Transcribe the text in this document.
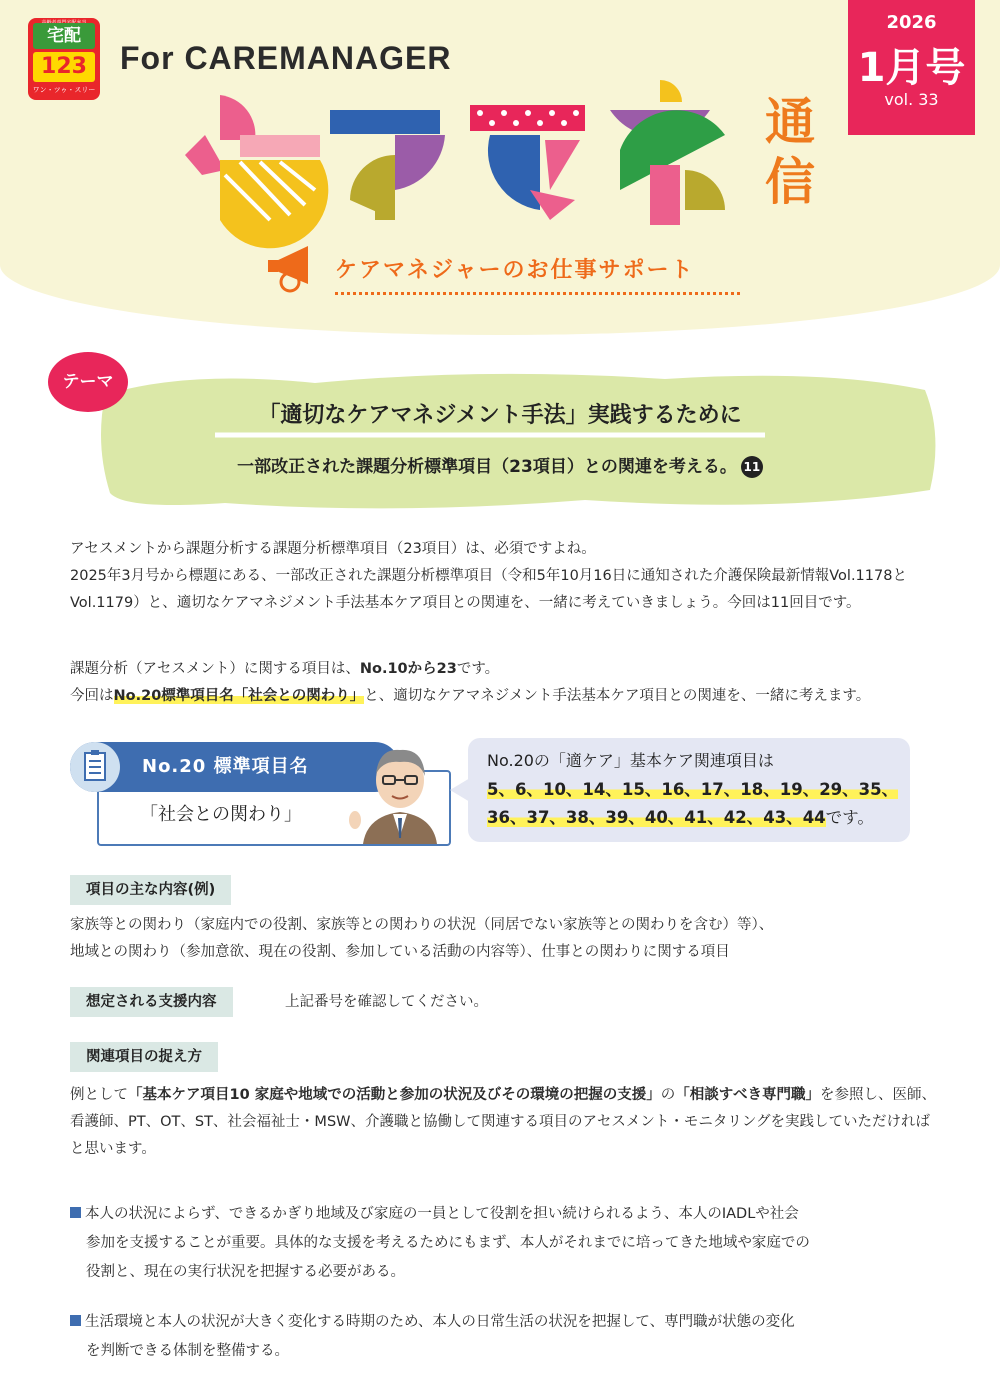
宅配
123
ワン・ツゥ・スリー
For CAREMANAGER
通
信
2026
1月号
vol. 33
ケアマネジャーのお仕事サポート
テーマ
「適切なケアマネジメント手法」実践するために
一部改正された課題分析標準項目（23項目）との関連を考える。 11
アセスメントから課題分析する課題分析標準項目（23項目）は、必須ですよね。
2025年3月号から標題にある、一部改正された課題分析標準項目（令和5年10月16日に通知された介護保険最新情報Vol.1178とVol.1179）と、適切なケアマネジメント手法基本ケア項目との関連を、一緒に考えていきましょう。今回は11回目です。
課題分析（アセスメント）に関する項目は、No.10から23です。
今回はNo.20標準項目名「社会との関わり」と、適切なケアマネジメント手法基本ケア項目との関連を、一緒に考えます。
No.20 標準項目名
「社会との関わり」
No.20の「適ケア」基本ケア関連項目は
5、6、10、14、15、16、17、18、19、29、35、
36、37、38、39、40、41、42、43、44です。
項目の主な内容(例)
家族等との関わり（家庭内での役割、家族等との関わりの状況（同居でない家族等との関わりを含む）等）、
地域との関わり（参加意欲、現在の役割、参加している活動の内容等）、仕事との関わりに関する項目
想定される支援内容	上記番号を確認してください。
関連項目の捉え方
例として「基本ケア項目10 家庭や地域での活動と参加の状況及びその環境の把握の支援」の「相談すべき専門職」を参照し、医師、看護師、PT、OT、ST、社会福祉士・MSW、介護職と協働して関連する項目のアセスメント・モニタリングを実践していただければと思います。
本人の状況によらず、できるかぎり地域及び家庭の一員として役割を担い続けられるよう、本人のIADLや社会
参加を支援することが重要。具体的な支援を考えるためにもまず、本人がそれまでに培ってきた地域や家庭での
役割と、現在の実行状況を把握する必要がある。
生活環境と本人の状況が大きく変化する時期のため、本人の日常生活の状況を把握して、専門職が状態の変化
を判断できる体制を整備する。
